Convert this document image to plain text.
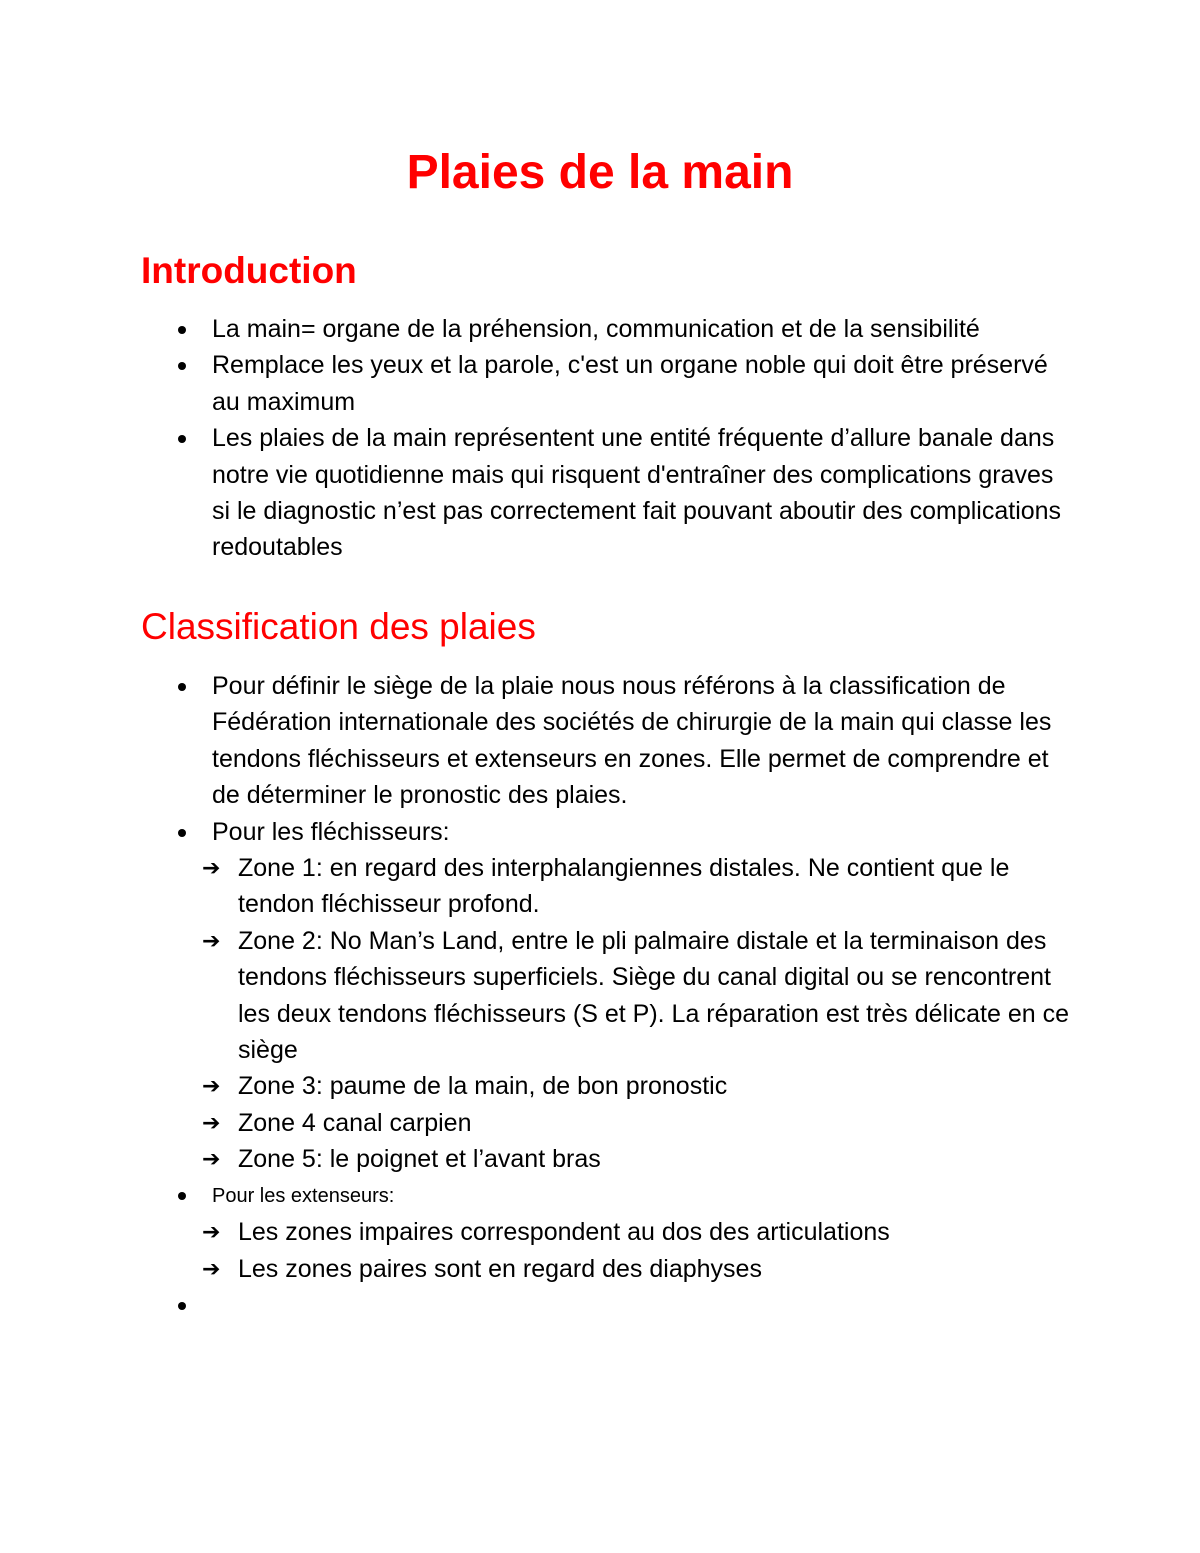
Plaies de la main
Introduction
La main= organe de la préhension, communication et de la sensibilité
Remplace les yeux et la parole, c'est un organe noble qui doit être préservé au maximum
Les plaies de la main représentent une entité fréquente d’allure banale dans notre vie quotidienne mais qui risquent d'entraîner des complications graves si le diagnostic n’est pas correctement fait pouvant aboutir des complications redoutables
Classification des plaies
Pour définir le siège de la plaie nous nous référons à la classification de Fédération internationale des sociétés de chirurgie de la main qui classe les tendons fléchisseurs et extenseurs en zones. Elle permet de comprendre et de déterminer le pronostic des plaies.
Pour les fléchisseurs:
➔ Zone 1: en regard des interphalangiennes distales. Ne contient que le tendon fléchisseur profond.
➔ Zone 2: No Man’s Land, entre le pli palmaire distale et la terminaison des tendons fléchisseurs superficiels. Siège du canal digital ou se rencontrent les deux tendons fléchisseurs (S et P). La réparation est très délicate en ce siège
➔ Zone 3: paume de la main, de bon pronostic
➔ Zone 4 canal carpien
➔ Zone 5: le poignet et l’avant bras
Pour les extenseurs:
➔ Les zones impaires correspondent au dos des articulations
➔ Les zones paires sont en regard des diaphyses
